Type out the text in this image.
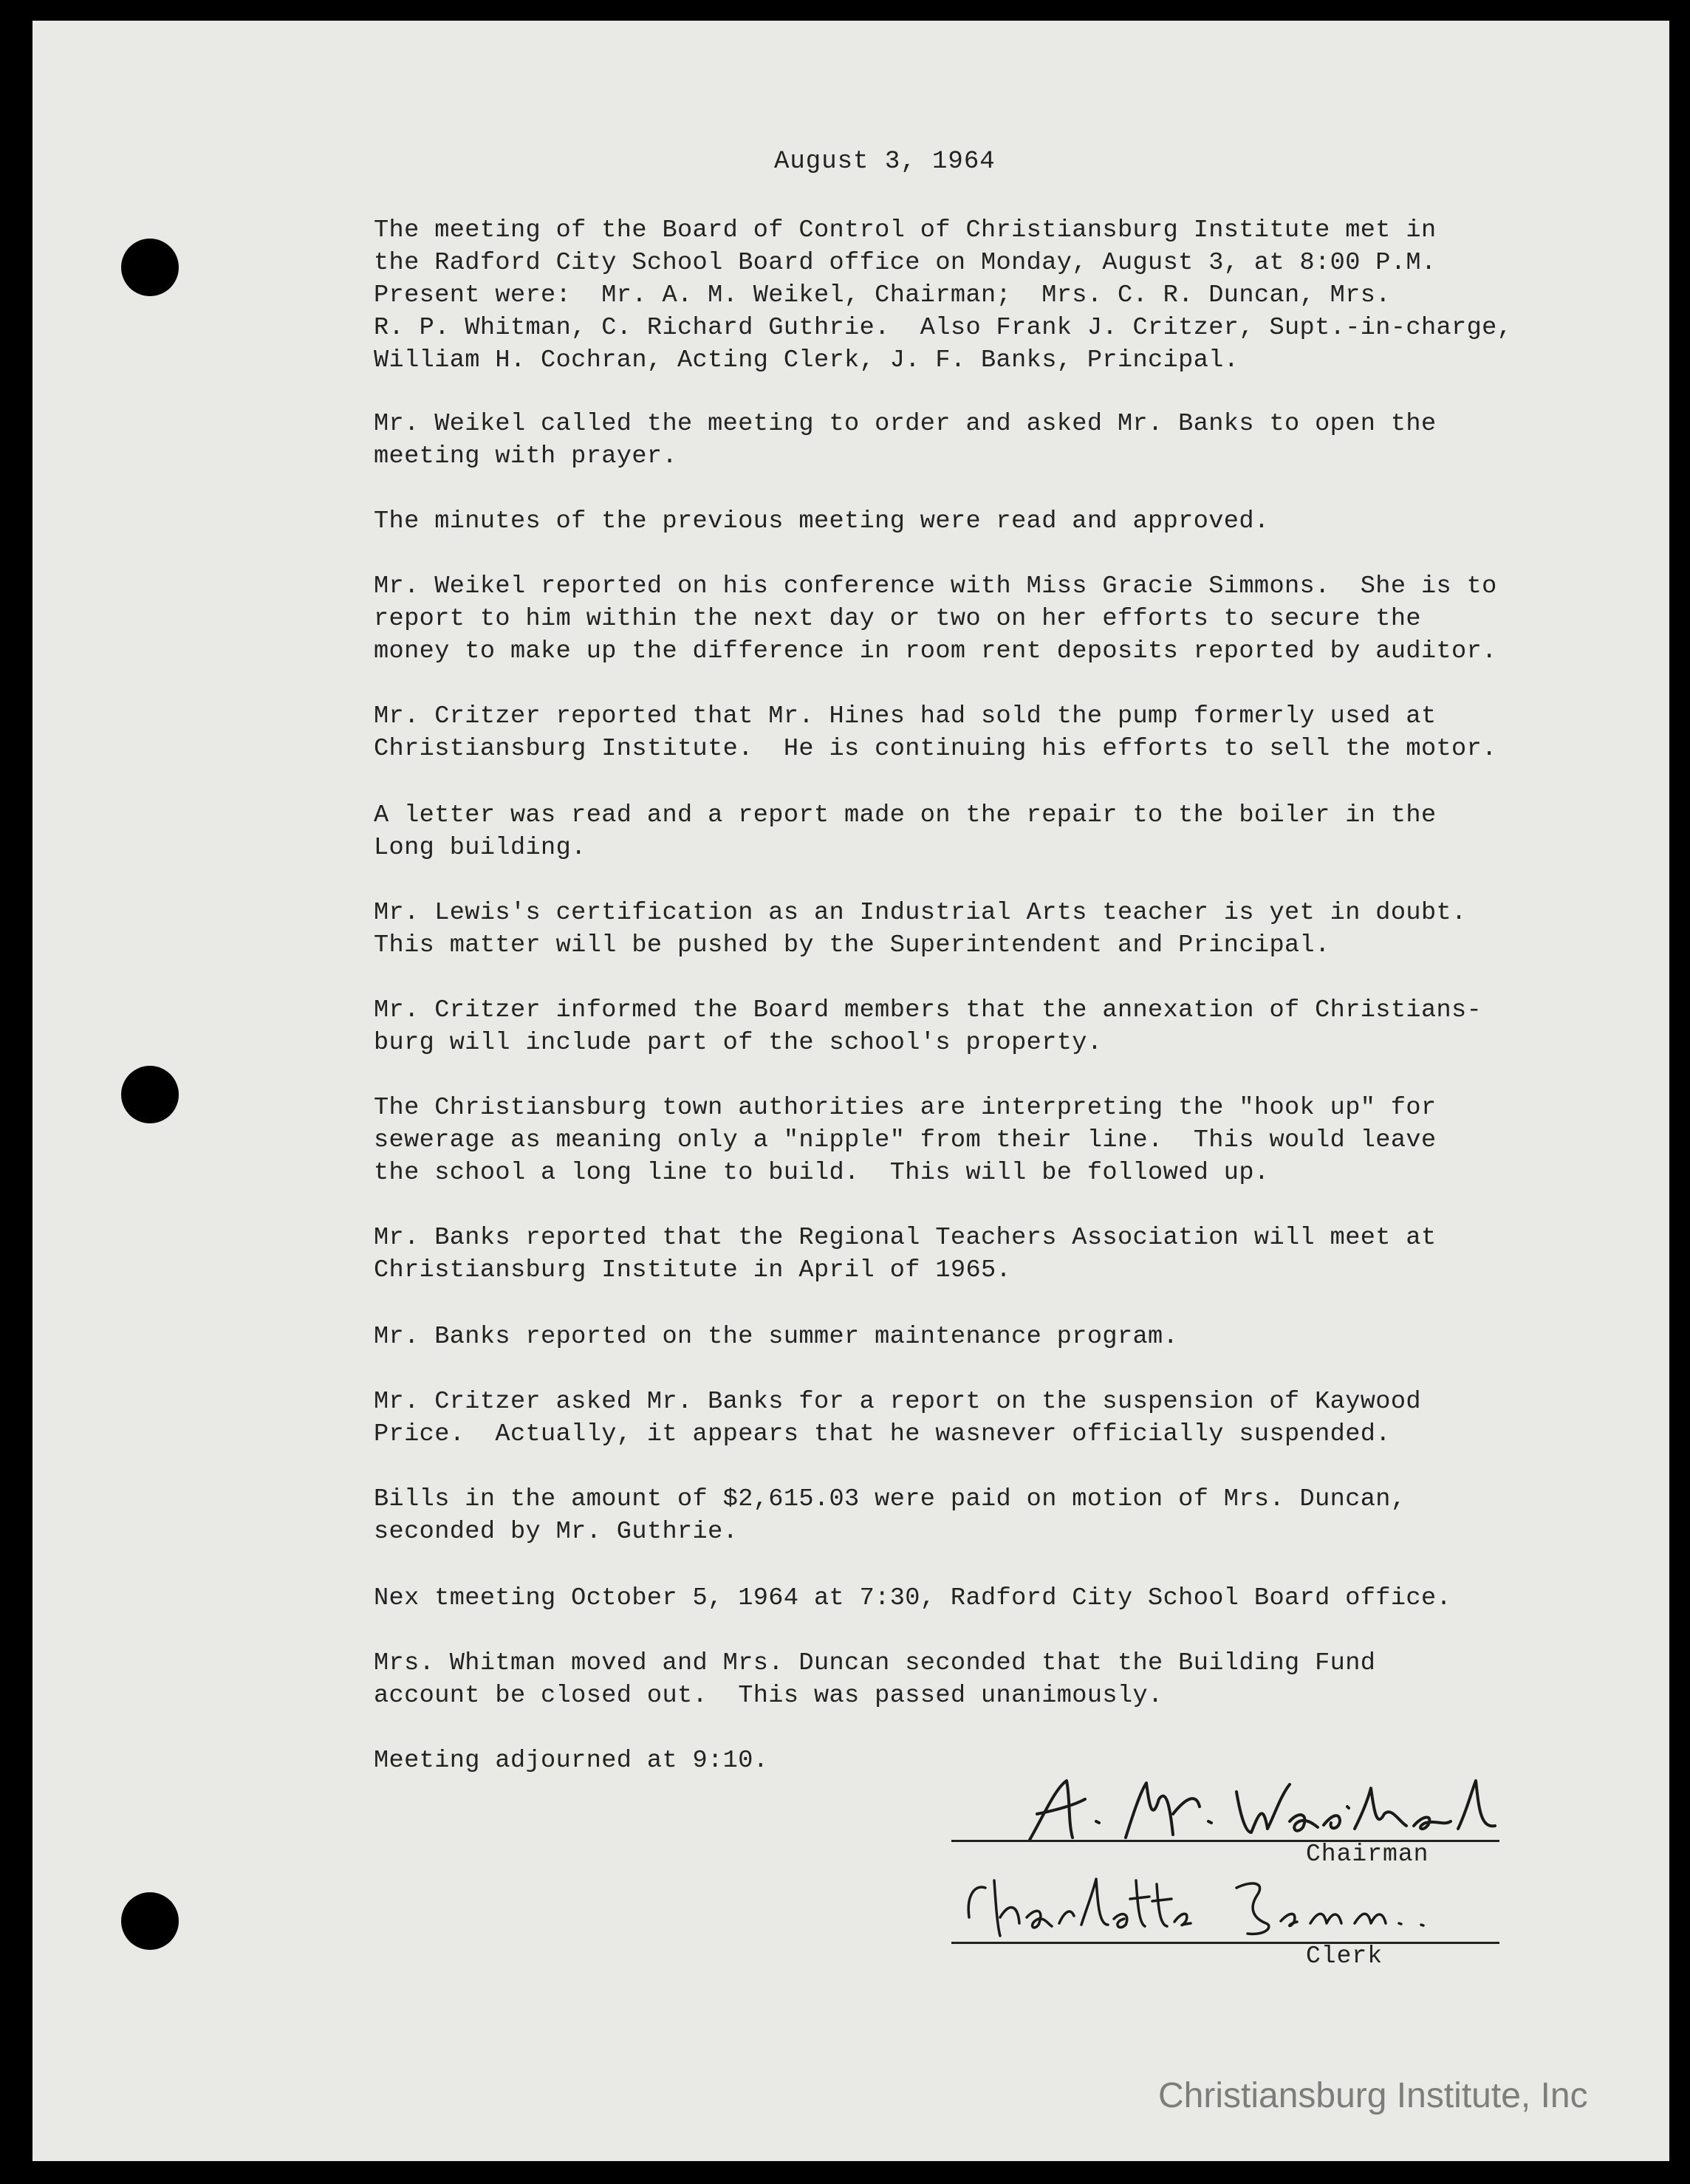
August 3, 1964
The meeting of the Board of Control of Christiansburg Institute met in
the Radford City School Board office on Monday, August 3, at 8:00 P.M.
Present were:  Mr. A. M. Weikel, Chairman;  Mrs. C. R. Duncan, Mrs.
R. P. Whitman, C. Richard Guthrie.  Also Frank J. Critzer, Supt.-in-charge,
William H. Cochran, Acting Clerk, J. F. Banks, Principal.
Mr. Weikel called the meeting to order and asked Mr. Banks to open the
meeting with prayer.
The minutes of the previous meeting were read and approved.
Mr. Weikel reported on his conference with Miss Gracie Simmons.  She is to
report to him within the next day or two on her efforts to secure the
money to make up the difference in room rent deposits reported by auditor.
Mr. Critzer reported that Mr. Hines had sold the pump formerly used at
Christiansburg Institute.  He is continuing his efforts to sell the motor.
A letter was read and a report made on the repair to the boiler in the
Long building.
Mr. Lewis's certification as an Industrial Arts teacher is yet in doubt.
This matter will be pushed by the Superintendent and Principal.
Mr. Critzer informed the Board members that the annexation of Christians-
burg will include part of the school's property.
The Christiansburg town authorities are interpreting the "hook up" for
sewerage as meaning only a "nipple" from their line.  This would leave
the school a long line to build.  This will be followed up.
Mr. Banks reported that the Regional Teachers Association will meet at
Christiansburg Institute in April of 1965.
Mr. Banks reported on the summer maintenance program.
Mr. Critzer asked Mr. Banks for a report on the suspension of Kaywood
Price.  Actually, it appears that he wasnever officially suspended.
Bills in the amount of $2,615.03 were paid on motion of Mrs. Duncan,
seconded by Mr. Guthrie.
Nex tmeeting October 5, 1964 at 7:30, Radford City School Board office.
Mrs. Whitman moved and Mrs. Duncan seconded that the Building Fund
account be closed out.  This was passed unanimously.
Meeting adjourned at 9:10.
Chairman
Clerk
Christiansburg Institute, Inc
